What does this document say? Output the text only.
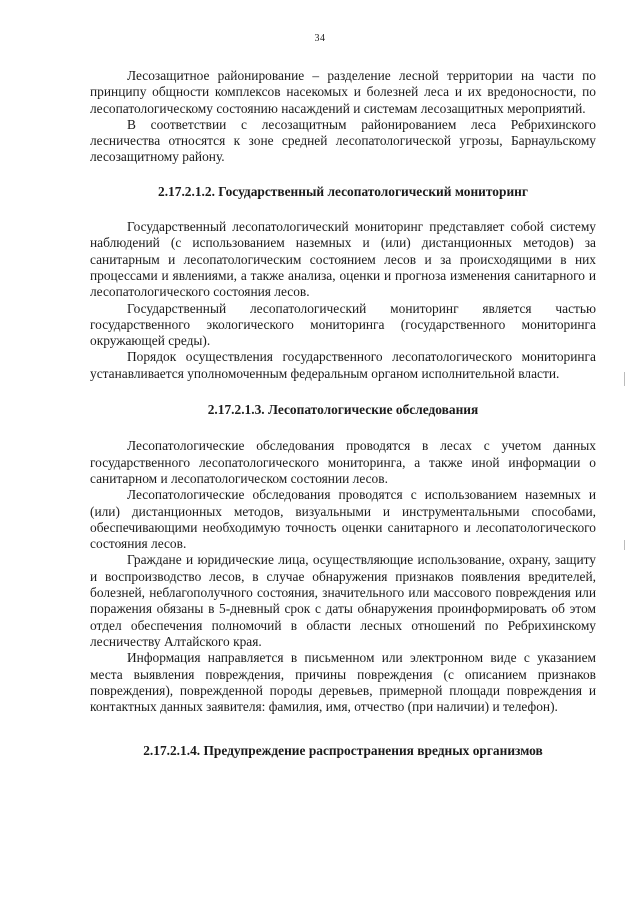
34

Лесозащитное районирование – разделение лесной территории на части по принципу общности комплексов насекомых и болезней леса и их вредоносности, по лесопатологическому состоянию насаждений и системам лесозащитных мероприятий.

В соответствии с лесозащитным районированием леса Ребрихинского лесничества относятся к зоне средней лесопатологической угрозы, Барнаульскому лесозащитному району.

2.17.2.1.2. Государственный лесопатологический мониторинг

Государственный лесопатологический мониторинг представляет собой систему наблюдений (с использованием наземных и (или) дистанционных методов) за санитарным и лесопатологическим состоянием лесов и за происходящими в них процессами и явлениями, а также анализа, оценки и прогноза изменения санитарного и лесопатологического состояния лесов.

Государственный лесопатологический мониторинг является частью государственного экологического мониторинга (государственного мониторинга окружающей среды).

Порядок осуществления государственного лесопатологического мониторинга устанавливается уполномоченным федеральным органом исполнительной власти.

2.17.2.1.3. Лесопатологические обследования

Лесопатологические обследования проводятся в лесах с учетом данных государственного лесопатологического мониторинга, а также иной информации о санитарном и лесопатологическом состоянии лесов.

Лесопатологические обследования проводятся с использованием наземных и (или) дистанционных методов, визуальными и инструментальными способами, обеспечивающими необходимую точность оценки санитарного и лесопатологического состояния лесов.

Граждане и юридические лица, осуществляющие использование, охрану, защиту и воспроизводство лесов, в случае обнаружения признаков появления вредителей, болезней, неблагополучного состояния, значительного или массового повреждения или поражения обязаны в 5-дневный срок с даты обнаружения проинформировать об этом отдел обеспечения полномочий в области лесных отношений по Ребрихинскому лесничеству Алтайского края.

Информация направляется в письменном или электронном виде с указанием места выявления повреждения, причины повреждения (с описанием признаков повреждения), поврежденной породы деревьев, примерной площади повреждения и контактных данных заявителя: фамилия, имя, отчество (при наличии) и телефон).

2.17.2.1.4. Предупреждение распространения вредных организмов
